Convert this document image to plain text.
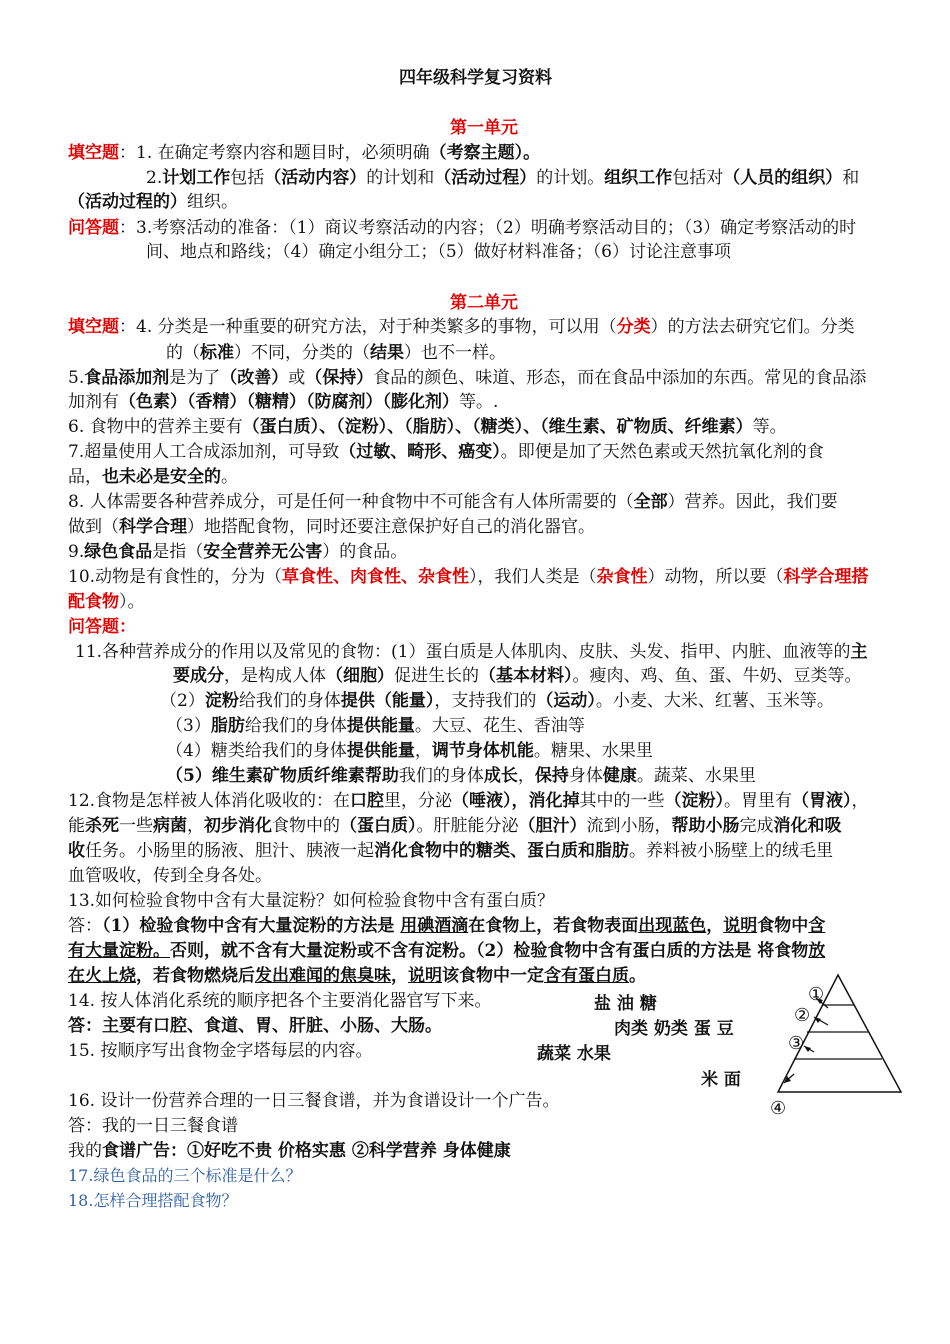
四年级科学复习资料
第一单元
填空题：1. 在确定考察内容和题目时，必须明确（考察主题）。
2.计划工作包括（活动内容）的计划和（活动过程）的计划。组织工作包括对（人员的组织）和
（活动过程的）组织。
问答题：3.考察活动的准备：（1）商议考察活动的内容；（2）明确考察活动目的；（3）确定考察活动的时
间、地点和路线；（4）确定小组分工；（5）做好材料准备；（6）讨论注意事项
第二单元
填空题：4. 分类是一种重要的研究方法，对于种类繁多的事物，可以用（分类）的方法去研究它们。分类
的（标准）不同，分类的（结果）也不一样。
5.食品添加剂是为了（改善）或（保持）食品的颜色、味道、形态，而在食品中添加的东西。常见的食品添
加剂有（色素）（香精）（糖精）（防腐剂）（膨化剂）等。.
6. 食物中的营养主要有（蛋白质）、（淀粉）、（脂肪）、（糖类）、（维生素、矿物质、纤维素）等。
7.超量使用人工合成添加剂，可导致（过敏、畸形、癌变）。即便是加了天然色素或天然抗氧化剂的食
品，也未必是安全的。
8. 人体需要各种营养成分，可是任何一种食物中不可能含有人体所需要的（全部）营养。因此，我们要
做到（科学合理）地搭配食物，同时还要注意保护好自己的消化器官。
9.绿色食品是指（安全营养无公害）的食品。
10.动物是有食性的，分为（草食性、肉食性、杂食性），我们人类是（杂食性）动物，所以要（科学合理搭
配食物）。
问答题：
11.各种营养成分的作用以及常见的食物：(1）蛋白质是人体肌肉、皮肤、头发、指甲、内脏、血液等的主
要成分，是构成人体（细胞）促进生长的（基本材料）。瘦肉、鸡、鱼、蛋、牛奶、豆类等。
（2）淀粉给我们的身体提供（能量），支持我们的（运动）。小麦、大米、红薯、玉米等。
（3）脂肪给我们的身体提供能量。大豆、花生、香油等
（4）糖类给我们的身体提供能量，调节身体机能。糖果、水果里
（5）维生素矿物质纤维素帮助我们的身体成长，保持身体健康。蔬菜、水果里
12.食物是怎样被人体消化吸收的：在口腔里，分泌（唾液），消化掉其中的一些（淀粉）。胃里有（胃液），
能杀死一些病菌，初步消化食物中的（蛋白质）。肝脏能分泌（胆汁）流到小肠，帮助小肠完成消化和吸
收任务。小肠里的肠液、胆汁、胰液一起消化食物中的糖类、蛋白质和脂肪。养料被小肠壁上的绒毛里
血管吸收，传到全身各处。
13.如何检验食物中含有大量淀粉？如何检验食物中含有蛋白质？
答：（1）检验食物中含有大量淀粉的方法是 用碘酒滴在食物上，若食物表面出现蓝色，说明食物中含
有大量淀粉。否则，就不含有大量淀粉或不含有淀粉。（2）检验食物中含有蛋白质的方法是 将食物放
在火上烧，若食物燃烧后发出难闻的焦臭味，说明该食物中一定含有蛋白质。
14. 按人体消化系统的顺序把各个主要消化器官写下来。
答：主要有口腔、食道、胃、肝脏、小肠、大肠。
15. 按顺序写出食物金字塔每层的内容。
16. 设计一份营养合理的一日三餐食谱，并为食谱设计一个广告。
答：我的一日三餐食谱
我的食谱广告：①好吃不贵 价格实惠 ②科学营养 身体健康
17.绿色食品的三个标准是什么？
18.怎样合理搭配食物？
盐 油 糖
肉类 奶类 蛋 豆
蔬菜 水果
米 面
①
②
③
④
